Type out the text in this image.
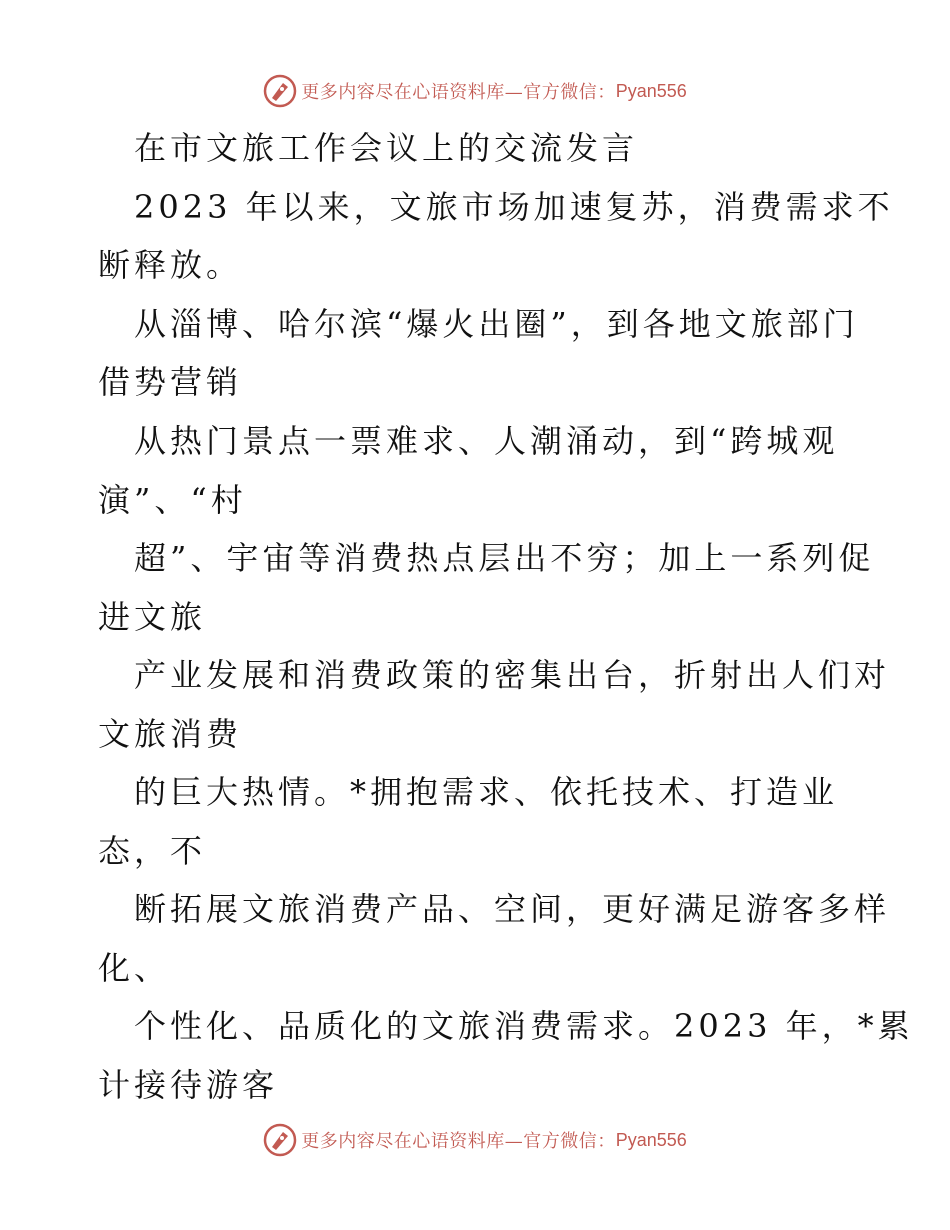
更多内容尽在心语资料库—官方微信： Pyan556
在市文旅工作会议上的交流发言
2023 年以来，文旅市场加速复苏，消费需求不
断释放。
从淄博、哈尔滨“爆火出圈”，到各地文旅部门
借势营销
从热门景点一票难求、人潮涌动，到“跨城观
演”、“村
超”、宇宙等消费热点层出不穷；加上一系列促
进文旅
产业发展和消费政策的密集出台，折射出人们对
文旅消费
的巨大热情。*拥抱需求、依托技术、打造业
态，不
断拓展文旅消费产品、空间，更好满足游客多样
化、
个性化、品质化的文旅消费需求。2023 年，*累
计接待游客
更多内容尽在心语资料库—官方微信： Pyan556
